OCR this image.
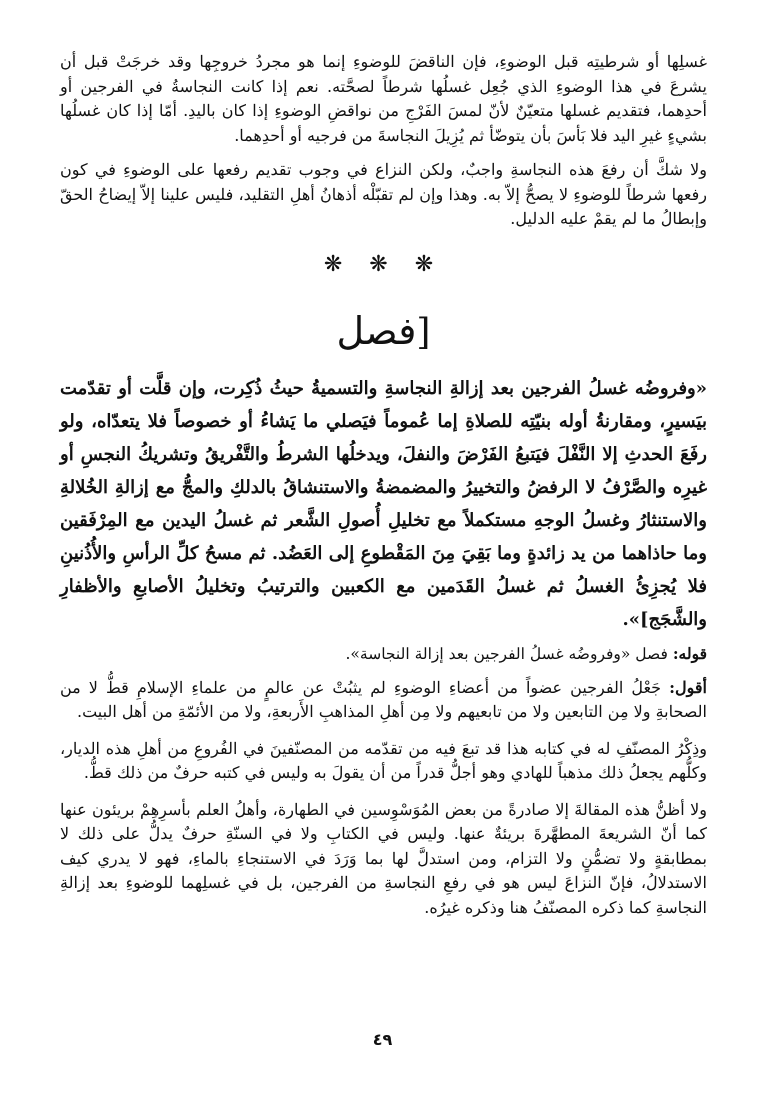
غسلِها أو شرطيتِه قبل الوضوءِ، فإن الناقضَ للوضوءِ إنما هو مجردُ خروجِها وقد خرجَتْ قبل أن يشرعَ في هذا الوضوءِ الذي جُعِل غسلُها شرطاً لصحَّته. نعم إذا كانت النجاسةُ في الفرجين أو أحدِهما، فتقديم غسلها متعيّنٌ لأنّ لمسَ الفَرْجِ من نواقضِ الوضوءِ إذا كان باليدِ. أمّا إذا كان غسلُها بشيءٍ غيرِ اليد فلا بَأسَ بأن يتوضّأ ثم يُزِيلَ النجاسةَ من فرجيه أو أحدِهما.

ولا شكَّ أن رفعَ هذه النجاسةِ واجبٌ، ولكن النزاع في وجوب تقديم رفعها على الوضوءِ في كون رفعها شرطاً للوضوءِ لا يصحُّ إلاّ به. وهذا وإن لم تقبّلْه أذهانُ أهلِ التقليد، فليس علينا إلاّ إيضاحُ الحقّ وإبطالُ ما لم يقمْ عليه الدليل.

❋ ❋ ❋
[فصل

«وفروضُه غسلُ الفرجين بعد إزالةِ النجاسةِ والتسميةُ حيثُ ذُكِرت، وإن قلَّت أو تقدّمت بيَسيرٍ، ومقارنةُ أوله بنيّتِه للصلاةِ إما عُموماً فيَصلي ما يَشاءُ أو خصوصاً فلا يتعدّاه، ولو رفَعَ الحدثِ إلا النَّفْلَ فيَتبعُ الفَرْضَ والنفلَ، ويدخلُها الشرطُ والتَّفْريقُ وتشريكُ النجسِ أو غيرِه والصَّرْفُ لا الرفضُ والتخييرُ والمضمضةُ والاستنشاقُ بالدلكِ والمجُّ مع إزالةِ الخُلالةِ والاستنثارُ وغسلُ الوجهِ مستكملاً مع تخليلِ أُصولِ الشَّعر ثم غسلُ اليدين مع المِرْفَقين وما حاذاهما من يد زائدةٍ وما بَقِيَ مِنَ المَقْطوعِ إلى العَضُد. ثم مسحُ كلِّ الرأسِ والأُذُنينِ فلا يُجزِئُ الغسلُ ثم غسلُ القَدَمين مع الكعبين والترتيبُ وتخليلُ الأصابعِ والأظفارِ والشَّجَج]».

قوله: فصل «وفروضُه غسلُ الفرجين بعد إزالة النجاسة».

أقول: جَعْلُ الفرجين عضواً من أعضاءِ الوضوءِ لم يثبُتْ عن عالمٍ من علماءِ الإسلامِ قطُّ لا من الصحابةِ ولا مِن التابعين ولا من تابعيهم ولا مِن أهلِ المذاهبِ الأَربعةِ، ولا من الأئمّةِ من أهل البيت.

وذِكْرُ المصنّفِ له في كتابه هذا قد تبعَ فيه من تقدّمه من المصنّفينَ في الفُروعِ من أهلِ هذه الديار، وكلُّهم يجعلُ ذلك مذهباً للهادي وهو أجلُّ قدراً من أن يقولَ به وليس في كتبه حرفٌ من ذلك قطُّ.

ولا أظنُّ هذه المقالةَ إلا صادرةً من بعض المُوَسْوِسين في الطهارة، وأهلُ العلم بأسرِهِمْ بريئون عنها كما أنّ الشريعةَ المطهَّرةَ بريئةٌ عنها. وليس في الكتابِ ولا في السنّةِ حرفٌ يدلُّ على ذلك لا بمطابقةٍ ولا تضمُّنٍ ولا التزام، ومن استدلَّ لها بما وَرَدَ في الاستنجاءِ بالماءِ، فهو لا يدري كيف الاستدلالُ، فإنّ النزاعَ ليس هو في رفعِ النجاسةِ من الفرجين، بل في غسلِهما للوضوءِ بعد إزالةِ النجاسةِ كما ذكره المصنّفُ هنا وذكره غيرُه.

٤٩
